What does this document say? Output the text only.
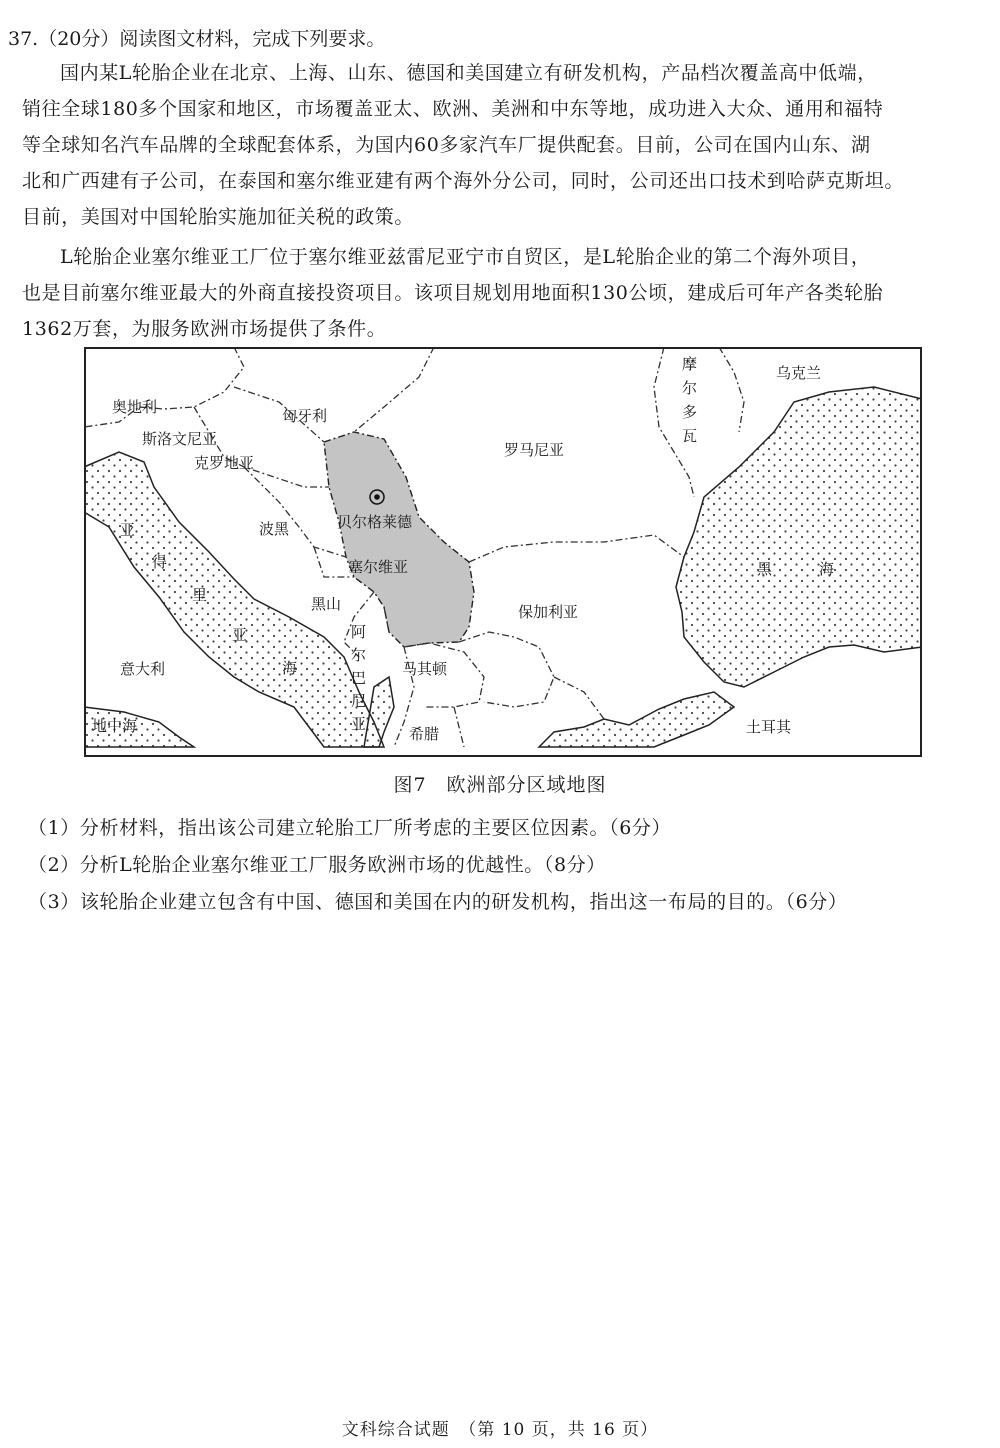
37.（20分）阅读图文材料，完成下列要求。
国内某L轮胎企业在北京、上海、山东、德国和美国建立有研发机构，产品档次覆盖高中低端，
销往全球180多个国家和地区，市场覆盖亚太、欧洲、美洲和中东等地，成功进入大众、通用和福特
等全球知名汽车品牌的全球配套体系，为国内60多家汽车厂提供配套。目前，公司在国内山东、湖
北和广西建有子公司，在泰国和塞尔维亚建有两个海外分公司，同时，公司还出口技术到哈萨克斯坦。
目前，美国对中国轮胎实施加征关税的政策。
L轮胎企业塞尔维亚工厂位于塞尔维亚兹雷尼亚宁市自贸区，是L轮胎企业的第二个海外项目，
也是目前塞尔维亚最大的外商直接投资项目。该项目规划用地面积130公顷，建成后可年产各类轮胎
1362万套，为服务欧洲市场提供了条件。
奥地利	匈牙利
摩
尔
多
瓦
乌克兰
斯洛文尼亚
克罗地亚
罗马尼亚
贝尔格莱德
波黑
塞尔维亚
亚
得
里
亚
海
黑山	保加利亚
黑	海
阿
尔
巴
尼
亚
马其顿
意大利
地中海	希腊	土耳其
图7　欧洲部分区域地图
（1）分析材料，指出该公司建立轮胎工厂所考虑的主要区位因素。（6分）
（2）分析L轮胎企业塞尔维亚工厂服务欧洲市场的优越性。（8分）
（3）该轮胎企业建立包含有中国、德国和美国在内的研发机构，指出这一布局的目的。（6分）
文科综合试题　（第 10 页，共 16 页）
